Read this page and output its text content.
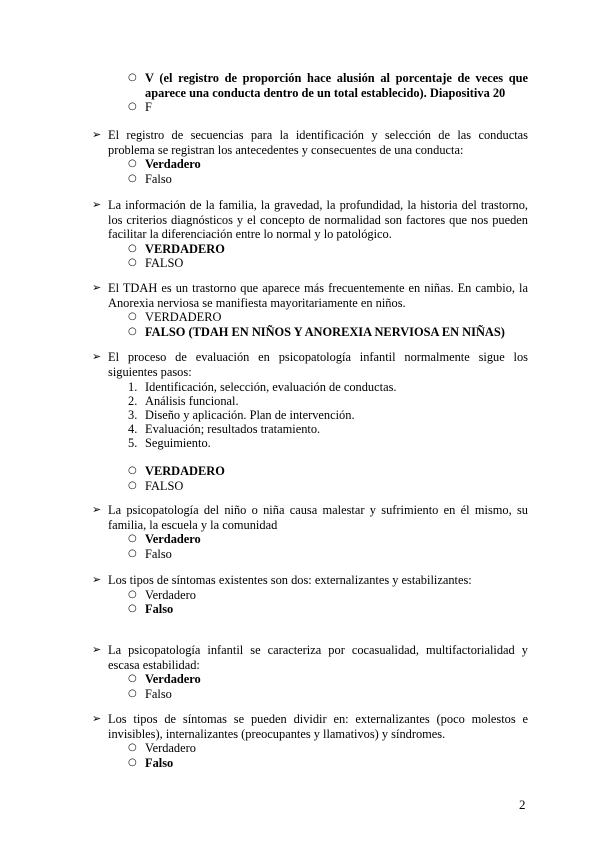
○ V (el registro de proporción hace alusión al porcentaje de veces que aparece una conducta dentro de un total establecido). Diapositiva 20
○ F
➢ El registro de secuencias para la identificación y selección de las conductas problema se registran los antecedentes y consecuentes de una conducta:
○ Verdadero
○ Falso
➢ La información de la familia, la gravedad, la profundidad, la historia del trastorno, los criterios diagnósticos y el concepto de normalidad son factores que nos pueden facilitar la diferenciación entre lo normal y lo patológico.
○ VERDADERO
○ FALSO
➢ El TDAH es un trastorno que aparece más frecuentemente en niñas. En cambio, la Anorexia nerviosa se manifiesta mayoritariamente en niños.
○ VERDADERO
○ FALSO (TDAH EN NIÑOS Y ANOREXIA NERVIOSA EN NIÑAS)
➢ El proceso de evaluación en psicopatología infantil normalmente sigue los siguientes pasos:
1. Identificación, selección, evaluación de conductas.
2. Análisis funcional.
3. Diseño y aplicación. Plan de intervención.
4. Evaluación; resultados tratamiento.
5. Seguimiento.
○ VERDADERO
○ FALSO
➢ La psicopatología del niño o niña causa malestar y sufrimiento en él mismo, su familia, la escuela y la comunidad
○ Verdadero
○ Falso
➢ Los tipos de síntomas existentes son dos: externalizantes y estabilizantes:
○ Verdadero
○ Falso
➢ La psicopatología infantil se caracteriza por cocasualidad, multifactorialidad y escasa estabilidad:
○ Verdadero
○ Falso
➢ Los tipos de síntomas se pueden dividir en: externalizantes (poco molestos e invisibles), internalizantes (preocupantes y llamativos) y síndromes.
○ Verdadero
○ Falso
2
